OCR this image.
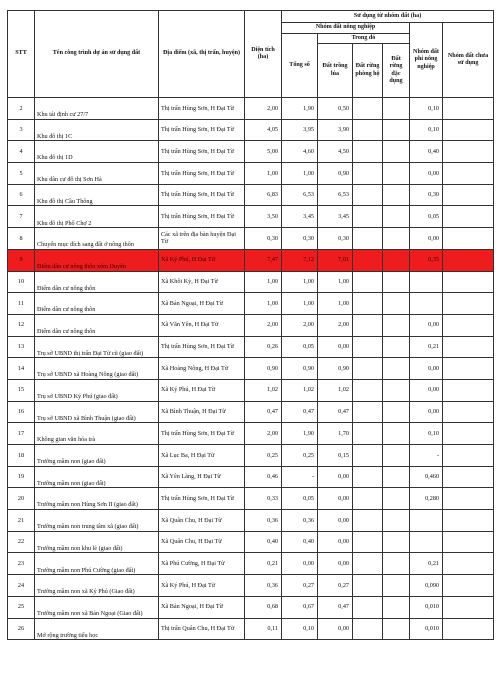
STT	Tên công trình dự án sử dụng đất	Địa điểm (xã, thị trấn, huyện)	Diện tích (ha)	Sử dụng từ nhóm đất (ha)					
				Nhóm đất nông nghiệp				Nhóm đất phi nông nghiệp	Nhóm đất chưa sử dụng
				Tổng số	Trong đó				
					Đất trồng lúa	Đất rừng phòng hộ	Đất rừng đặc dụng		
2	Khu tái định cư 27/7	Thị trấn Hùng Sơn, H Đại Từ	2,00	1,90	0,50			0,10	
3	Khu đô thị 1C	Thị trấn Hùng Sơn, H Đại Từ	4,05	3,95	3,90			0,10	
4	Khu đô thị 1D	Thị trấn Hùng Sơn, H Đại Từ	5,00	4,60	4,50			0,40	
5	Khu dân cư đô thị Sơn Hà	Thị trấn Hùng Sơn, H Đại Từ	1,00	1,00	0,90			0,00	
6	Khu đô thị Cầu Thông	Thị trấn Hùng Sơn, H Đại Từ	6,83	6,53	6,53			0,30	
7	Khu đô thị Phố Chợ 2	Thị trấn Hùng Sơn, H Đại Từ	3,50	3,45	3,45			0,05	
8	Chuyển mục đích sang đất ở nông thôn	Các xã trên địa bàn huyện Đại Từ	0,30	0,30	0,30			0,00	
9	Điểm dân cư nông thôn xóm Duyên	Xã Ký Phú, H Đại Từ	7,47	7,12	7,01			0,35	
10	Điểm dân cư nông thôn	Xã Khôi Kỳ, H Đại Từ	1,00	1,00	1,00				
11	Điểm dân cư nông thôn	Xã Bản Ngoại, H Đại Từ	1,00	1,00	1,00				
12	Điểm dân cư nông thôn	Xã Văn Yên, H Đại Từ	2,00	2,00	2,00			0,00	
13	Trụ sở UBND thị trấn Đại Từ cũ (giao đất)	Thị trấn Hùng Sơn, H Đại Từ	0,26	0,05	0,00			0,21	
14	Trụ sở UBND xã Hoàng Nông (giao đất)	Xã Hoàng Nông, H Đại Từ	0,90	0,90	0,90			0,00	
15	Trụ sở UBND Ký Phú (giao đất)	Xã Ký Phú, H Đại Từ	1,02	1,02	1,02			0,00	
16	Trụ sở UBND xã Bình Thuận (giao đất)	Xã Bình Thuận, H Đại Từ	0,47	0,47	0,47			0,00	
17	Không gian văn hóa trà	Thị trấn Hùng Sơn, H Đại Từ	2,00	1,90	1,70			0,10	
18	Trường mầm non (giao đất)	Xã Lục Ba, H Đại Từ	0,25	0,25	0,15			-	
19	Trường mầm non (giao đất)	Xã Yên Lãng, H Đại Từ	0,46	-	0,00			0,460	
20	Trường mầm non Hùng Sơn II (giao đất)	Thị trấn Hùng Sơn, H Đại Từ	0,33	0,05	0,00			0,280	
21	Trường mầm non trung tâm xã (giao đất)	Xã Quân Chu, H Đại Từ	0,36	0,36	0,00				
22	Trường mầm non khu lẻ (giao đất)	Xã Quân Chu, H Đại Từ	0,40	0,40	0,00				
23	Trường mầm non Phú Cường (giao đất)	Xã Phú Cường, H Đại Từ	0,21	0,00	0,00			0,21	
24	Trường mầm non xã Ký Phú (Giao đất)	Xã Ký Phú, H Đại Từ	0,36	0,27	0,27			0,090	
25	Trường mầm non xã Bản Ngoại (Giao đất)	Xã Bản Ngoại, H Đại Từ	0,68	0,67	0,47			0,010	
26	Mở rộng trường tiểu học	Thị trấn Quân Chu, H Đại Từ	0,11	0,10	0,00			0,010	
